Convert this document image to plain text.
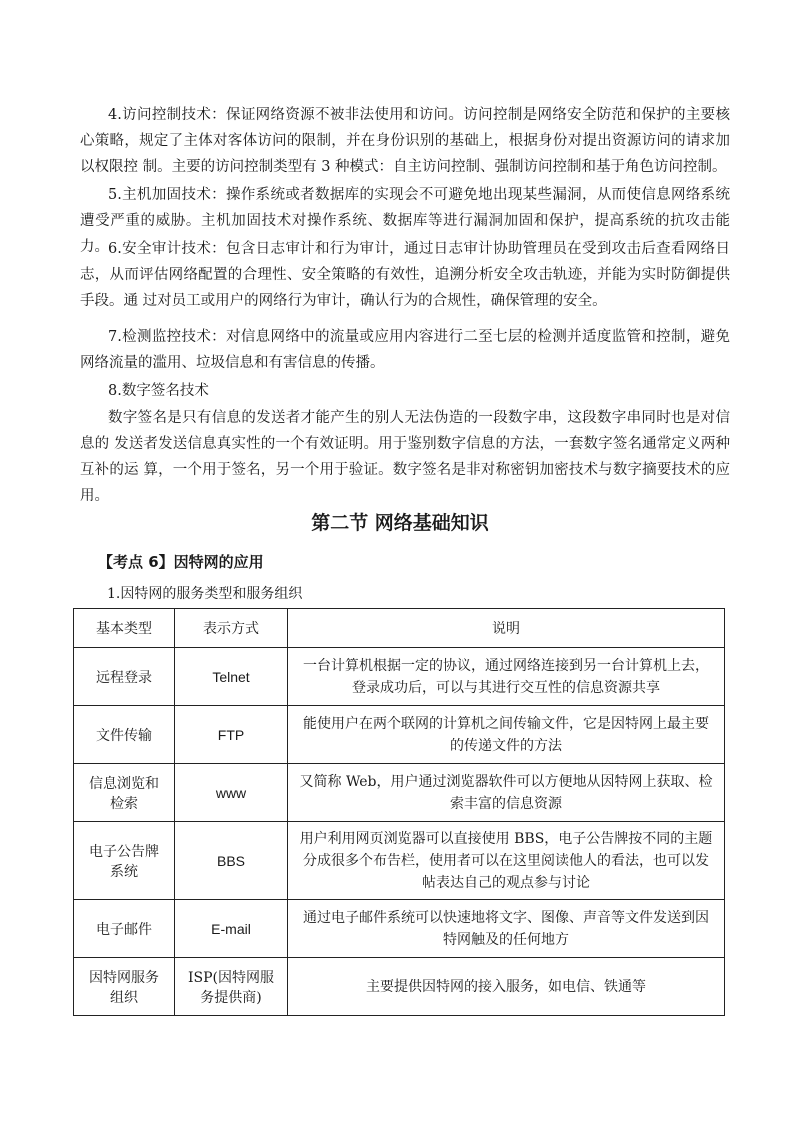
4.访问控制技术：保证网络资源不被非法使用和访问。访问控制是网络安全防范和保护的主要核心策略，规定了主体对客体访问的限制，并在身份识别的基础上，根据身份对提出资源访问的请求加以权限控 制。主要的访问控制类型有 3 种模式：自主访问控制、强制访问控制和基于角色访问控制。

5.主机加固技术：操作系统或者数据库的实现会不可避免地出现某些漏洞，从而使信息网络系统遭受严重的威胁。主机加固技术对操作系统、数据库等进行漏洞加固和保护，提高系统的抗攻击能力。 6.安全审计技术：包含日志审计和行为审计，通过日志审计协助管理员在受到攻击后查看网络日志，从而评估网络配置的合理性、安全策略的有效性，追溯分析安全攻击轨迹，并能为实时防御提供手段。通 过对员工或用户的网络行为审计，确认行为的合规性，确保管理的安全。

7.检测监控技术：对信息网络中的流量或应用内容进行二至七层的检测并适度监管和控制，避免网络流量的滥用、垃圾信息和有害信息的传播。

8.数字签名技术

数字签名是只有信息的发送者才能产生的别人无法伪造的一段数字串，这段数字串同时也是对信息的 发送者发送信息真实性的一个有效证明。用于鉴别数字信息的方法，一套数字签名通常定义两种互补的运 算，一个用于签名，另一个用于验证。数字签名是非对称密钥加密技术与数字摘要技术的应用。

第二节 网络基础知识
【考点 6】因特网的应用

1.因特网的服务类型和服务组织

基本类型	表示方式	说明
远程登录	Telnet	一台计算机根据一定的协议，通过网络连接到另一台计算机上去，登录成功后，可以与其进行交互性的信息资源共享
文件传输	FTP	能使用户在两个联网的计算机之间传输文件，它是因特网上最主要的传递文件的方法
信息浏览和检索	www	又简称 Web，用户通过浏览器软件可以方便地从因特网上获取、检索丰富的信息资源
电子公告牌系统	BBS	用户利用网页浏览器可以直接使用 BBS，电子公告牌按不同的主题分成很多个布告栏，使用者可以在这里阅读他人的看法，也可以发帖表达自己的观点参与讨论
电子邮件	E-mail	通过电子邮件系统可以快速地将文字、图像、声音等文件发送到因特网触及的任何地方
因特网服务组织	ISP(因特网服务提供商)	主要提供因特网的接入服务，如电信、铁通等
